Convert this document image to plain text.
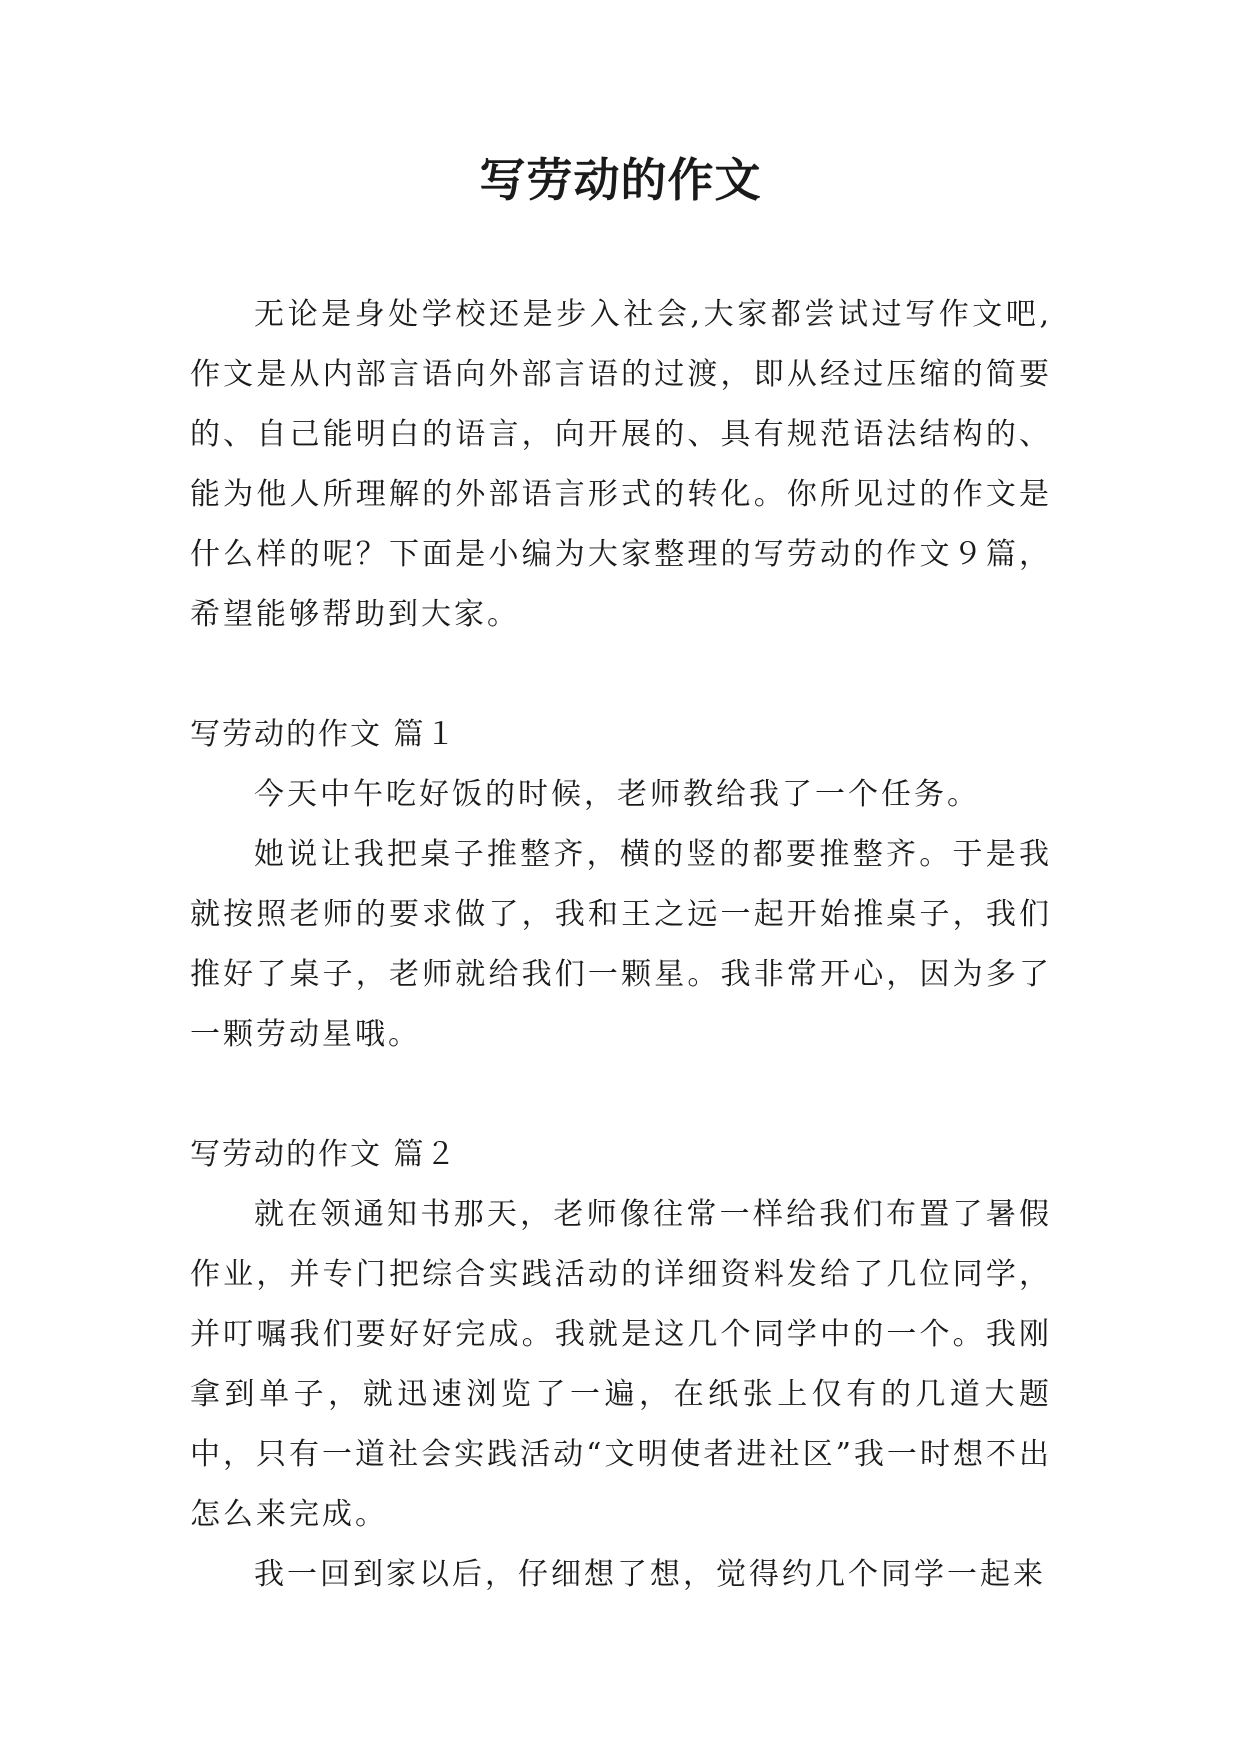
写劳动的作文

无论是身处学校还是步入社会,大家都尝试过写作文吧,作文是从内部言语向外部言语的过渡，即从经过压缩的简要的、自己能明白的语言，向开展的、具有规范语法结构的、能为他人所理解的外部语言形式的转化。你所见过的作文是什么样的呢？下面是小编为大家整理的写劳动的作文９篇，希望能够帮助到大家。

写劳动的作文 篇１

今天中午吃好饭的时候，老师教给我了一个任务。

她说让我把桌子推整齐，横的竖的都要推整齐。于是我就按照老师的要求做了，我和王之远一起开始推桌子，我们推好了桌子，老师就给我们一颗星。我非常开心，因为多了一颗劳动星哦。

写劳动的作文 篇２

就在领通知书那天，老师像往常一样给我们布置了暑假作业，并专门把综合实践活动的详细资料发给了几位同学，并叮嘱我们要好好完成。我就是这几个同学中的一个。我刚拿到单子，就迅速浏览了一遍，在纸张上仅有的几道大题中，只有一道社会实践活动“文明使者进社区”我一时想不出怎么来完成。

我一回到家以后，仔细想了想，觉得约几个同学一起来
